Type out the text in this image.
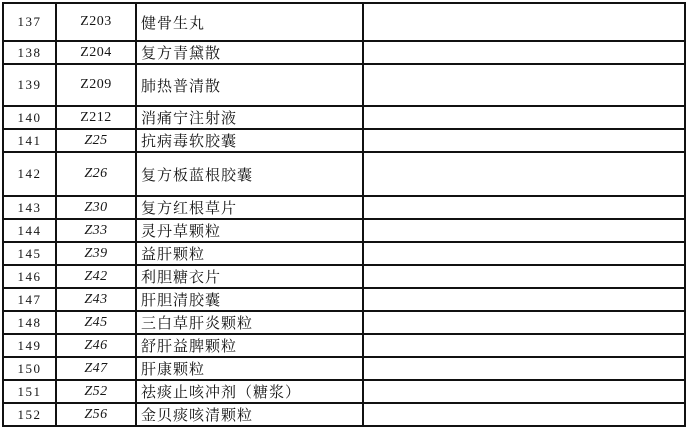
137	Z203	健骨生丸	
138	Z204	复方青黛散	
139	Z209	肺热普清散	
140	Z212	消痛宁注射液	
141	Z25	抗病毒软胶囊	
142	Z26	复方板蓝根胶囊	
143	Z30	复方红根草片	
144	Z33	灵丹草颗粒	
145	Z39	益肝颗粒	
146	Z42	利胆糖衣片	
147	Z43	肝胆清胶囊	
148	Z45	三白草肝炎颗粒	
149	Z46	舒肝益脾颗粒	
150	Z47	肝康颗粒	
151	Z52	祛痰止咳冲剂（糖浆）	
152	Z56	金贝痰咳清颗粒	
